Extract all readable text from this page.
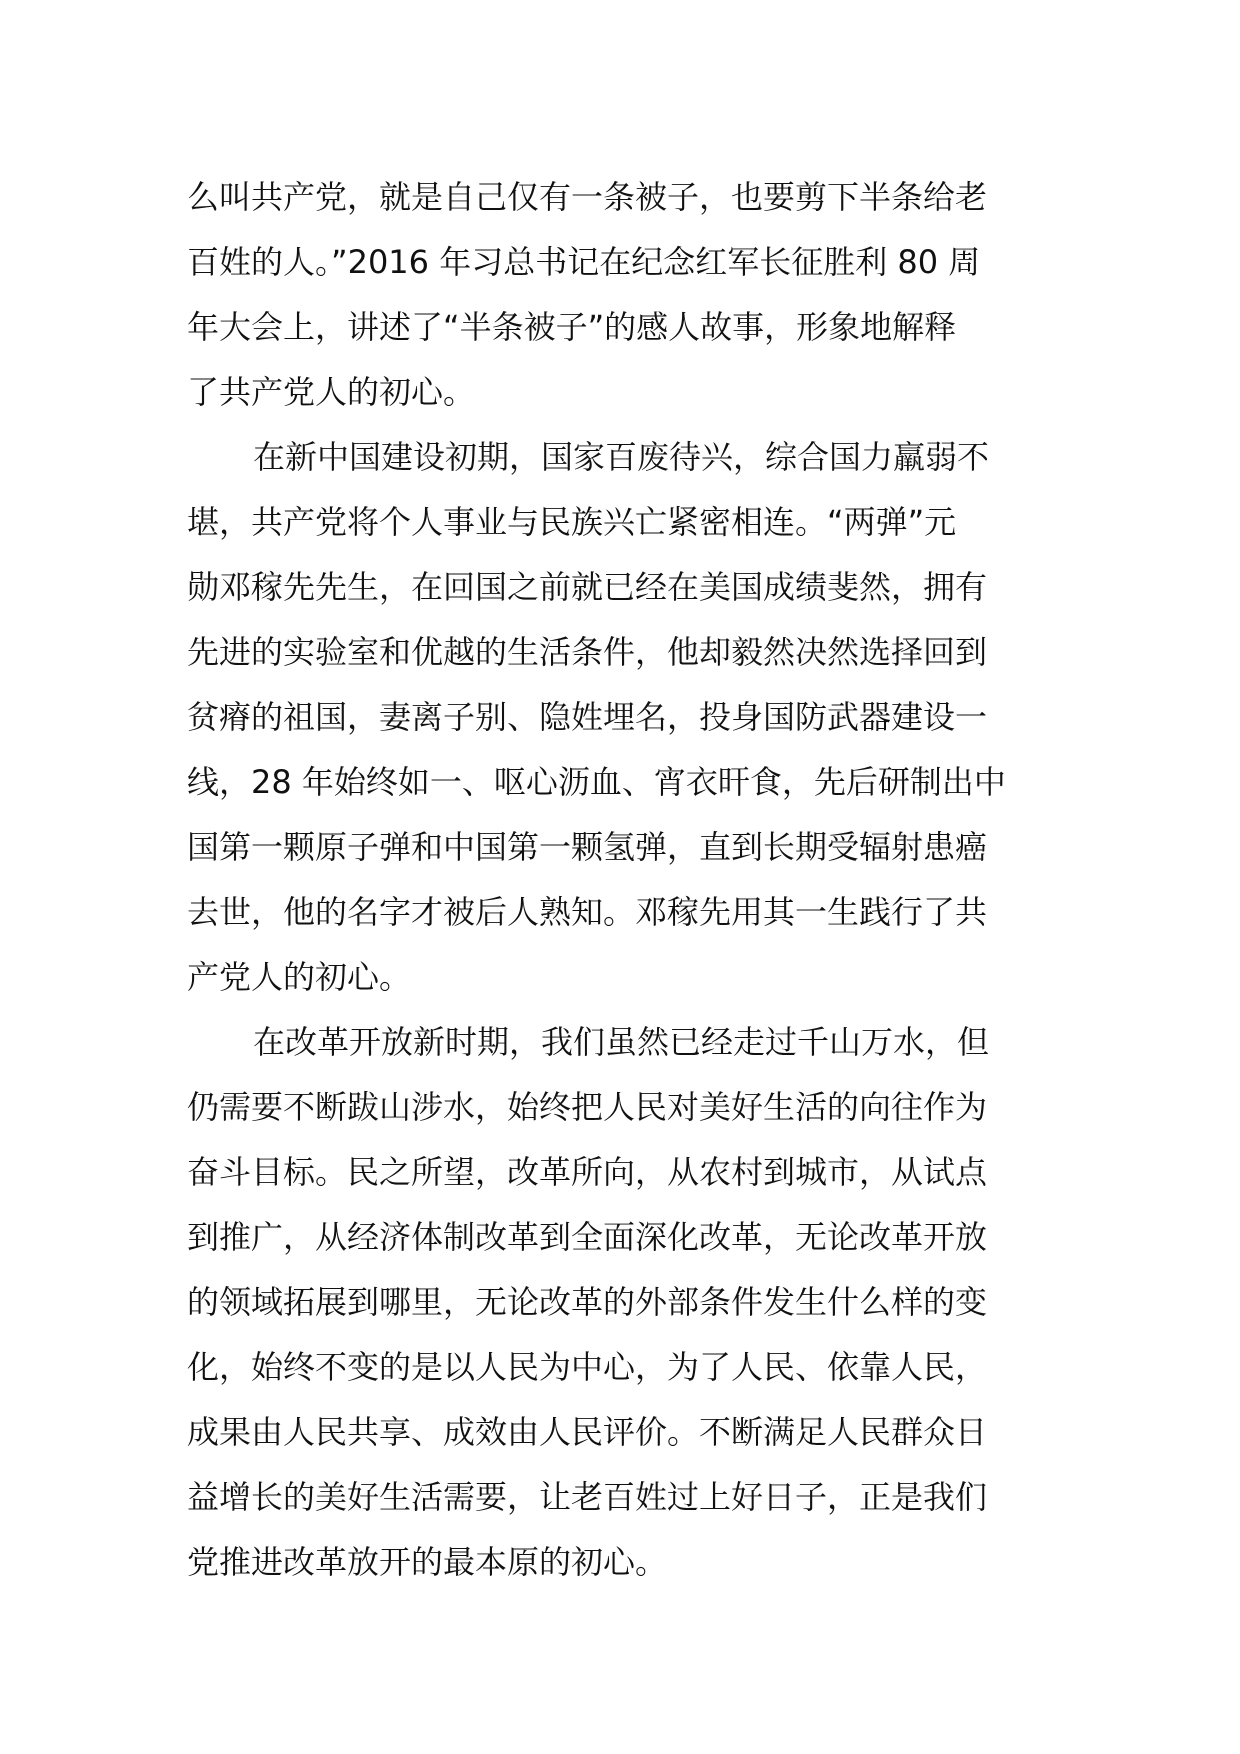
么叫共产党，就是自己仅有一条被子，也要剪下半条给老
百姓的人。”2016 年习总书记在纪念红军长征胜利 80 周
年大会上，讲述了“半条被子”的感人故事，形象地解释
了共产党人的初心。
在新中国建设初期，国家百废待兴，综合国力羸弱不
堪，共产党将个人事业与民族兴亡紧密相连。“两弹”元
勋邓稼先先生，在回国之前就已经在美国成绩斐然，拥有
先进的实验室和优越的生活条件，他却毅然决然选择回到
贫瘠的祖国，妻离子别、隐姓埋名，投身国防武器建设一
线，28 年始终如一、呕心沥血、宵衣旰食，先后研制出中
国第一颗原子弹和中国第一颗氢弹，直到长期受辐射患癌
去世，他的名字才被后人熟知。邓稼先用其一生践行了共
产党人的初心。
在改革开放新时期，我们虽然已经走过千山万水，但
仍需要不断跋山涉水，始终把人民对美好生活的向往作为
奋斗目标。民之所望，改革所向，从农村到城市，从试点
到推广，从经济体制改革到全面深化改革，无论改革开放
的领域拓展到哪里，无论改革的外部条件发生什么样的变
化，始终不变的是以人民为中心，为了人民、依靠人民，
成果由人民共享、成效由人民评价。不断满足人民群众日
益增长的美好生活需要，让老百姓过上好日子，正是我们
党推进改革放开的最本原的初心。
